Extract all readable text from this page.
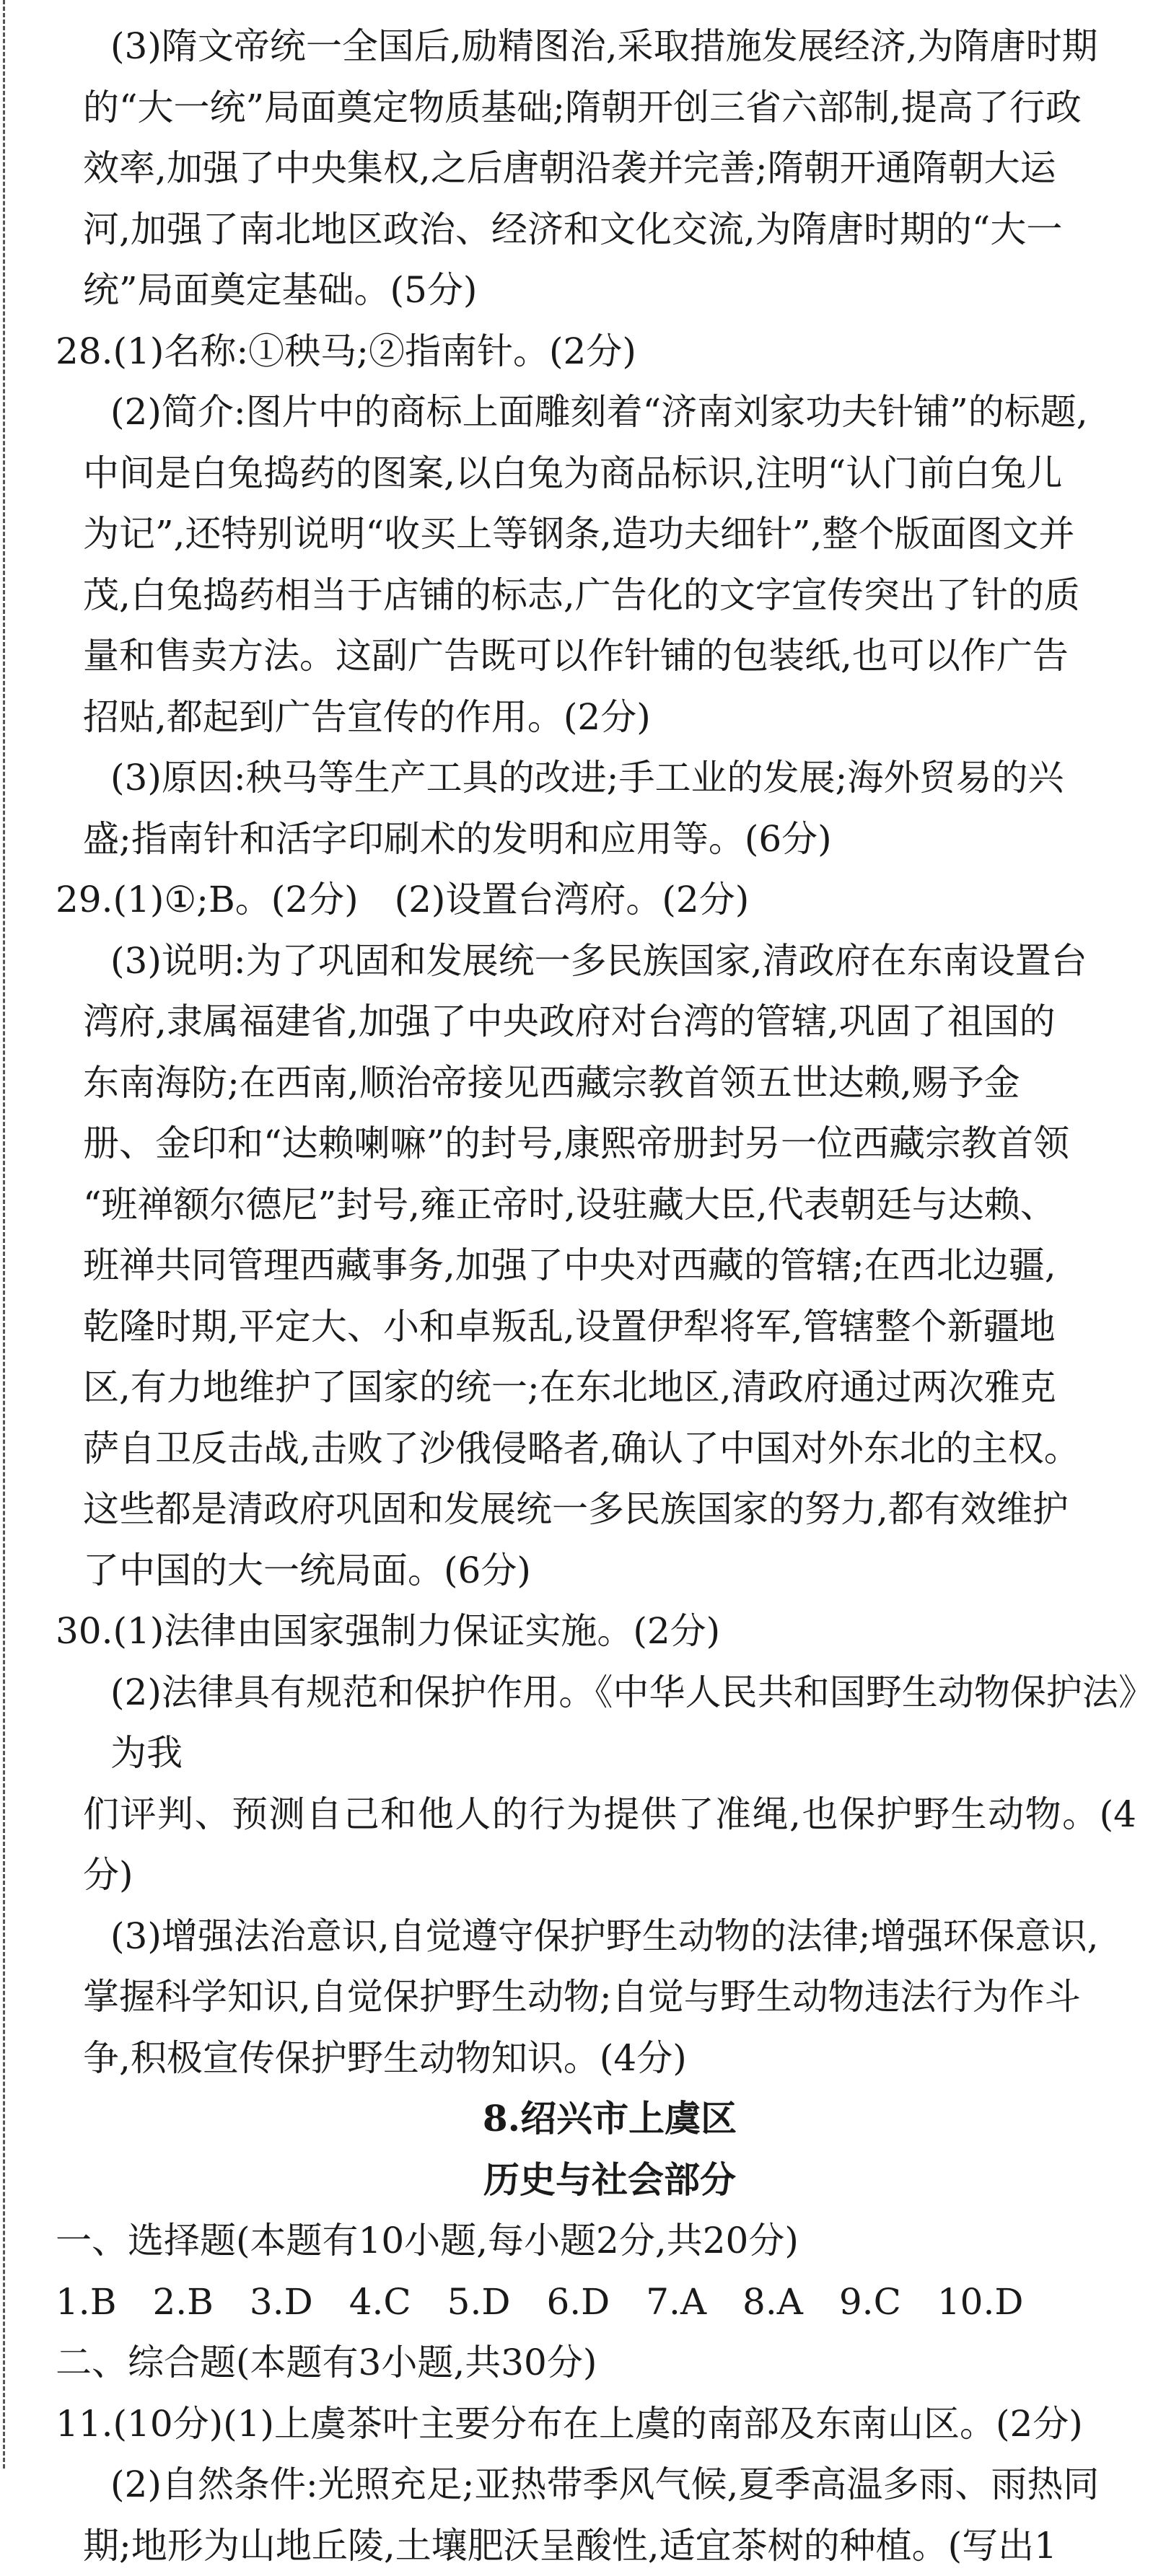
(3)隋文帝统一全国后,励精图治,采取措施发展经济,为隋唐时期

的“大一统”局面奠定物质基础;隋朝开创三省六部制,提高了行政

效率,加强了中央集权,之后唐朝沿袭并完善;隋朝开通隋朝大运

河,加强了南北地区政治、经济和文化交流,为隋唐时期的“大一

统”局面奠定基础。(5分)

28.(1)名称:①秧马;②指南针。(2分)

(2)简介:图片中的商标上面雕刻着“济南刘家功夫针铺”的标题,

中间是白兔捣药的图案,以白兔为商品标识,注明“认门前白兔儿

为记”,还特别说明“收买上等钢条,造功夫细针”,整个版面图文并

茂,白兔捣药相当于店铺的标志,广告化的文字宣传突出了针的质

量和售卖方法。这副广告既可以作针铺的包装纸,也可以作广告

招贴,都起到广告宣传的作用。(2分)

(3)原因:秧马等生产工具的改进;手工业的发展;海外贸易的兴

盛;指南针和活字印刷术的发明和应用等。(6分)

29.(1)①;B。(2分)　(2)设置台湾府。(2分)

(3)说明:为了巩固和发展统一多民族国家,清政府在东南设置台

湾府,隶属福建省,加强了中央政府对台湾的管辖,巩固了祖国的

东南海防;在西南,顺治帝接见西藏宗教首领五世达赖,赐予金

册、金印和“达赖喇嘛”的封号,康熙帝册封另一位西藏宗教首领

“班禅额尔德尼”封号,雍正帝时,设驻藏大臣,代表朝廷与达赖、

班禅共同管理西藏事务,加强了中央对西藏的管辖;在西北边疆,

乾隆时期,平定大、小和卓叛乱,设置伊犁将军,管辖整个新疆地

区,有力地维护了国家的统一;在东北地区,清政府通过两次雅克

萨自卫反击战,击败了沙俄侵略者,确认了中国对外东北的主权。

这些都是清政府巩固和发展统一多民族国家的努力,都有效维护

了中国的大一统局面。(6分)

30.(1)法律由国家强制力保证实施。(2分)

(2)法律具有规范和保护作用。《中华人民共和国野生动物保护法》为我

们评判、预测自己和他人的行为提供了准绳,也保护野生动物。(4分)

(3)增强法治意识,自觉遵守保护野生动物的法律;增强环保意识,

掌握科学知识,自觉保护野生动物;自觉与野生动物违法行为作斗

争,积极宣传保护野生动物知识。(4分)

8.绍兴市上虞区

历史与社会部分

一、选择题(本题有10小题,每小题2分,共20分)

1.B 2.B 3.D 4.C 5.D 6.D 7.A 8.A 9.C 10.D

二、综合题(本题有3小题,共30分)

11.(10分)(1)上虞茶叶主要分布在上虞的南部及东南山区。(2分)

(2)自然条件:光照充足;亚热带季风气候,夏季高温多雨、雨热同

期;地形为山地丘陵,土壤肥沃呈酸性,适宜茶树的种植。(写出1
